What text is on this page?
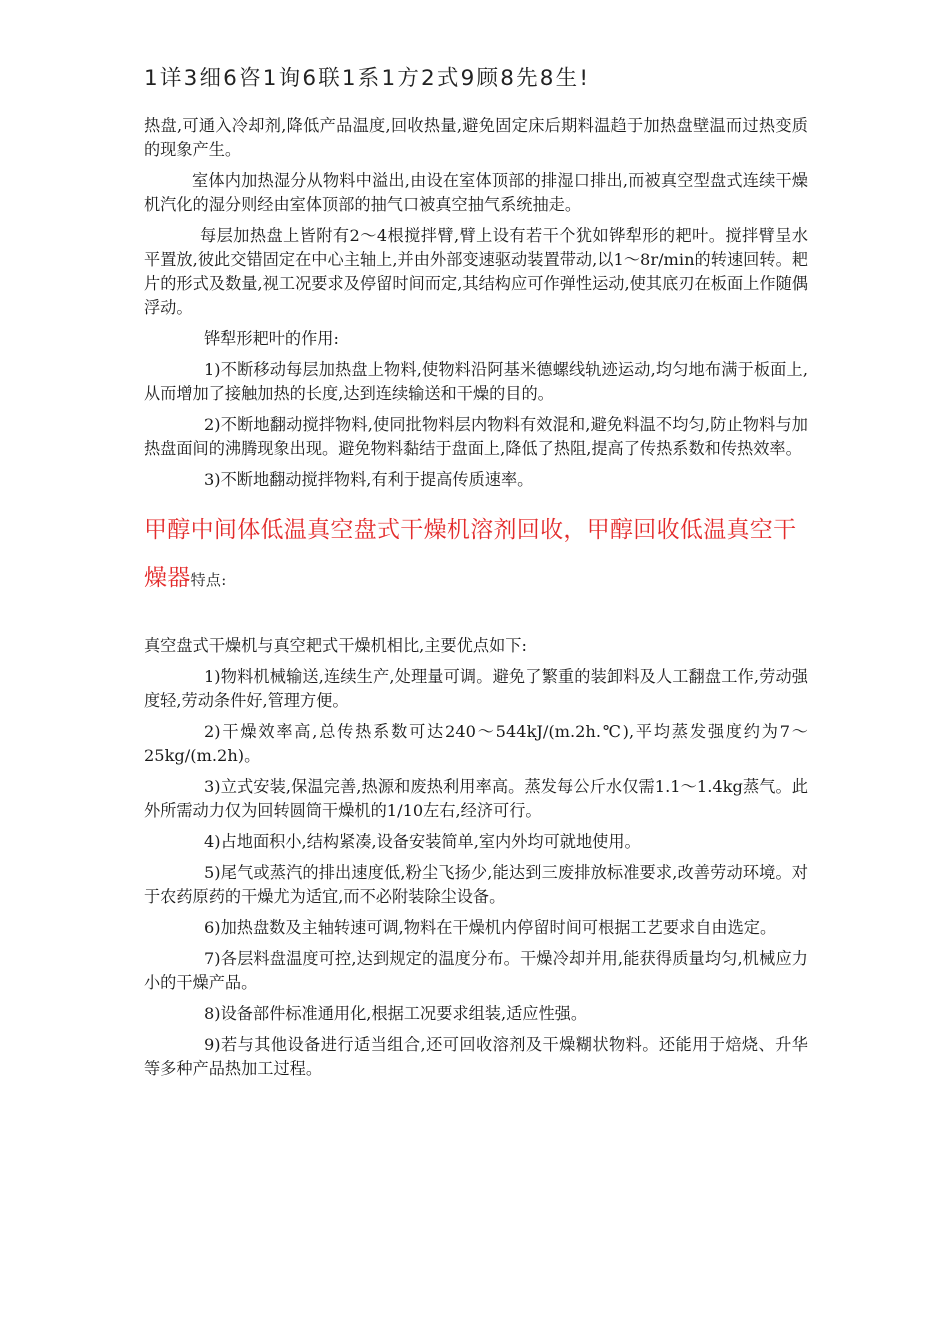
1详3细6咨1询6联1系1方2式9顾8先8生!

热盘,可通入冷却剂,降低产品温度,回收热量,避免固定床后期料温趋于加热盘壁温而过热变质的现象产生。

室体内加热湿分从物料中溢出,由设在室体顶部的排湿口排出,而被真空型盘式连续干燥机汽化的湿分则经由室体顶部的抽气口被真空抽气系统抽走。

每层加热盘上皆附有2～4根搅拌臂,臂上设有若干个犹如铧犁形的耙叶。搅拌臂呈水平置放,彼此交错固定在中心主轴上,并由外部变速驱动装置带动,以1～8r/min的转速回转。耙片的形式及数量,视工况要求及停留时间而定,其结构应可作弹性运动,使其底刃在板面上作随偶浮动。

铧犁形耙叶的作用:

1)不断移动每层加热盘上物料,使物料沿阿基米德螺线轨迹运动,均匀地布满于板面上,从而增加了接触加热的长度,达到连续输送和干燥的目的。

2)不断地翻动搅拌物料,使同批物料层内物料有效混和,避免料温不均匀,防止物料与加热盘面间的沸腾现象出现。避免物料黏结于盘面上,降低了热阻,提高了传热系数和传热效率。

3)不断地翻动搅拌物料,有利于提高传质速率。

甲醇中间体低温真空盘式干燥机溶剂回收，甲醇回收低温真空干燥器特点:

真空盘式干燥机与真空耙式干燥机相比,主要优点如下:

1)物料机械输送,连续生产,处理量可调。避免了繁重的装卸料及人工翻盘工作,劳动强度轻,劳动条件好,管理方便。

2)干燥效率高,总传热系数可达240～544kJ/(m.2h.℃),平均蒸发强度约为7～25kg/(m.2h)。

3)立式安装,保温完善,热源和废热利用率高。蒸发每公斤水仅需1.1～1.4kg蒸气。此外所需动力仅为回转圆筒干燥机的1/10左右,经济可行。

4)占地面积小,结构紧凑,设备安装简单,室内外均可就地使用。

5)尾气或蒸汽的排出速度低,粉尘飞扬少,能达到三废排放标准要求,改善劳动环境。对于农药原药的干燥尤为适宜,而不必附装除尘设备。

6)加热盘数及主轴转速可调,物料在干燥机内停留时间可根据工艺要求自由选定。

7)各层料盘温度可控,达到规定的温度分布。干燥冷却并用,能获得质量均匀,机械应力小的干燥产品。

8)设备部件标准通用化,根据工况要求组装,适应性强。

9)若与其他设备进行适当组合,还可回收溶剂及干燥糊状物料。还能用于焙烧、升华等多种产品热加工过程。
